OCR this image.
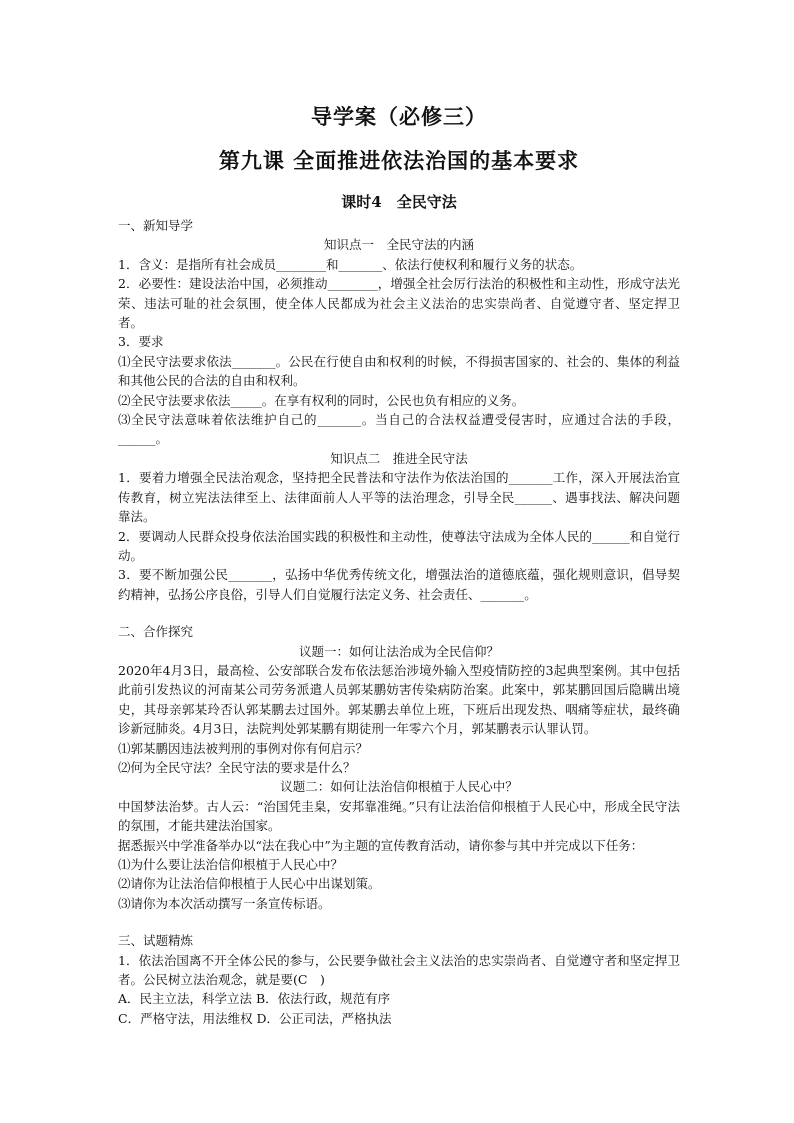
导学案（必修三）
第九课 全面推进依法治国的基本要求
课时4　全民守法

一、新知导学

知识点一　全民守法的内涵

1．含义：是指所有社会成员________和_______、依法行使权利和履行义务的状态。

2．必要性：建设法治中国，必须推动________，增强全社会厉行法治的积极性和主动性，形成守法光荣、违法可耻的社会氛围，使全体人民都成为社会主义法治的忠实崇尚者、自觉遵守者、坚定捍卫者。

3．要求

⑴全民守法要求依法_______。公民在行使自由和权利的时候，不得损害国家的、社会的、集体的利益和其他公民的合法的自由和权利。

⑵全民守法要求依法_____。在享有权利的同时，公民也负有相应的义务。

⑶全民守法意味着依法维护自己的_______。当自己的合法权益遭受侵害时，应通过合法的手段，______。

知识点二　推进全民守法

1．要着力增强全民法治观念，坚持把全民普法和守法作为依法治国的_______工作，深入开展法治宣传教育，树立宪法法律至上、法律面前人人平等的法治理念，引导全民______、遇事找法、解决问题靠法。

2．要调动人民群众投身依法治国实践的积极性和主动性，使尊法守法成为全体人民的______和自觉行动。

3．要不断加强公民_______，弘扬中华优秀传统文化，增强法治的道德底蕴，强化规则意识，倡导契约精神，弘扬公序良俗，引导人们自觉履行法定义务、社会责任、_______。

二、合作探究

议题一：如何让法治成为全民信仰？

2020年4月3日，最高检、公安部联合发布依法惩治涉境外输入型疫情防控的3起典型案例。其中包括此前引发热议的河南某公司劳务派遣人员郭某鹏妨害传染病防治案。此案中，郭某鹏回国后隐瞒出境史，其母亲郭某玲否认郭某鹏去过国外。郭某鹏去单位上班，下班后出现发热、咽痛等症状，最终确诊新冠肺炎。4月3日，法院判处郭某鹏有期徒刑一年零六个月，郭某鹏表示认罪认罚。

⑴郭某鹏因违法被判刑的事例对你有何启示？

⑵何为全民守法？全民守法的要求是什么？

议题二：如何让法治信仰根植于人民心中？

中国梦法治梦。古人云：“治国凭圭臬，安邦靠准绳。”只有让法治信仰根植于人民心中，形成全民守法的氛围，才能共建法治国家。

据悉振兴中学准备举办以“法在我心中”为主题的宣传教育活动，请你参与其中并完成以下任务：

⑴为什么要让法治信仰根植于人民心中？

⑵请你为让法治信仰根植于人民心中出谋划策。

⑶请你为本次活动撰写一条宣传标语。

三、试题精炼

1．依法治国离不开全体公民的参与，公民要争做社会主义法治的忠实崇尚者、自觉遵守者和坚定捍卫者。公民树立法治观念，就是要(C　)

A．民主立法，科学立法 B．依法行政，规范有序

C．严格守法，用法维权 D．公正司法，严格执法
